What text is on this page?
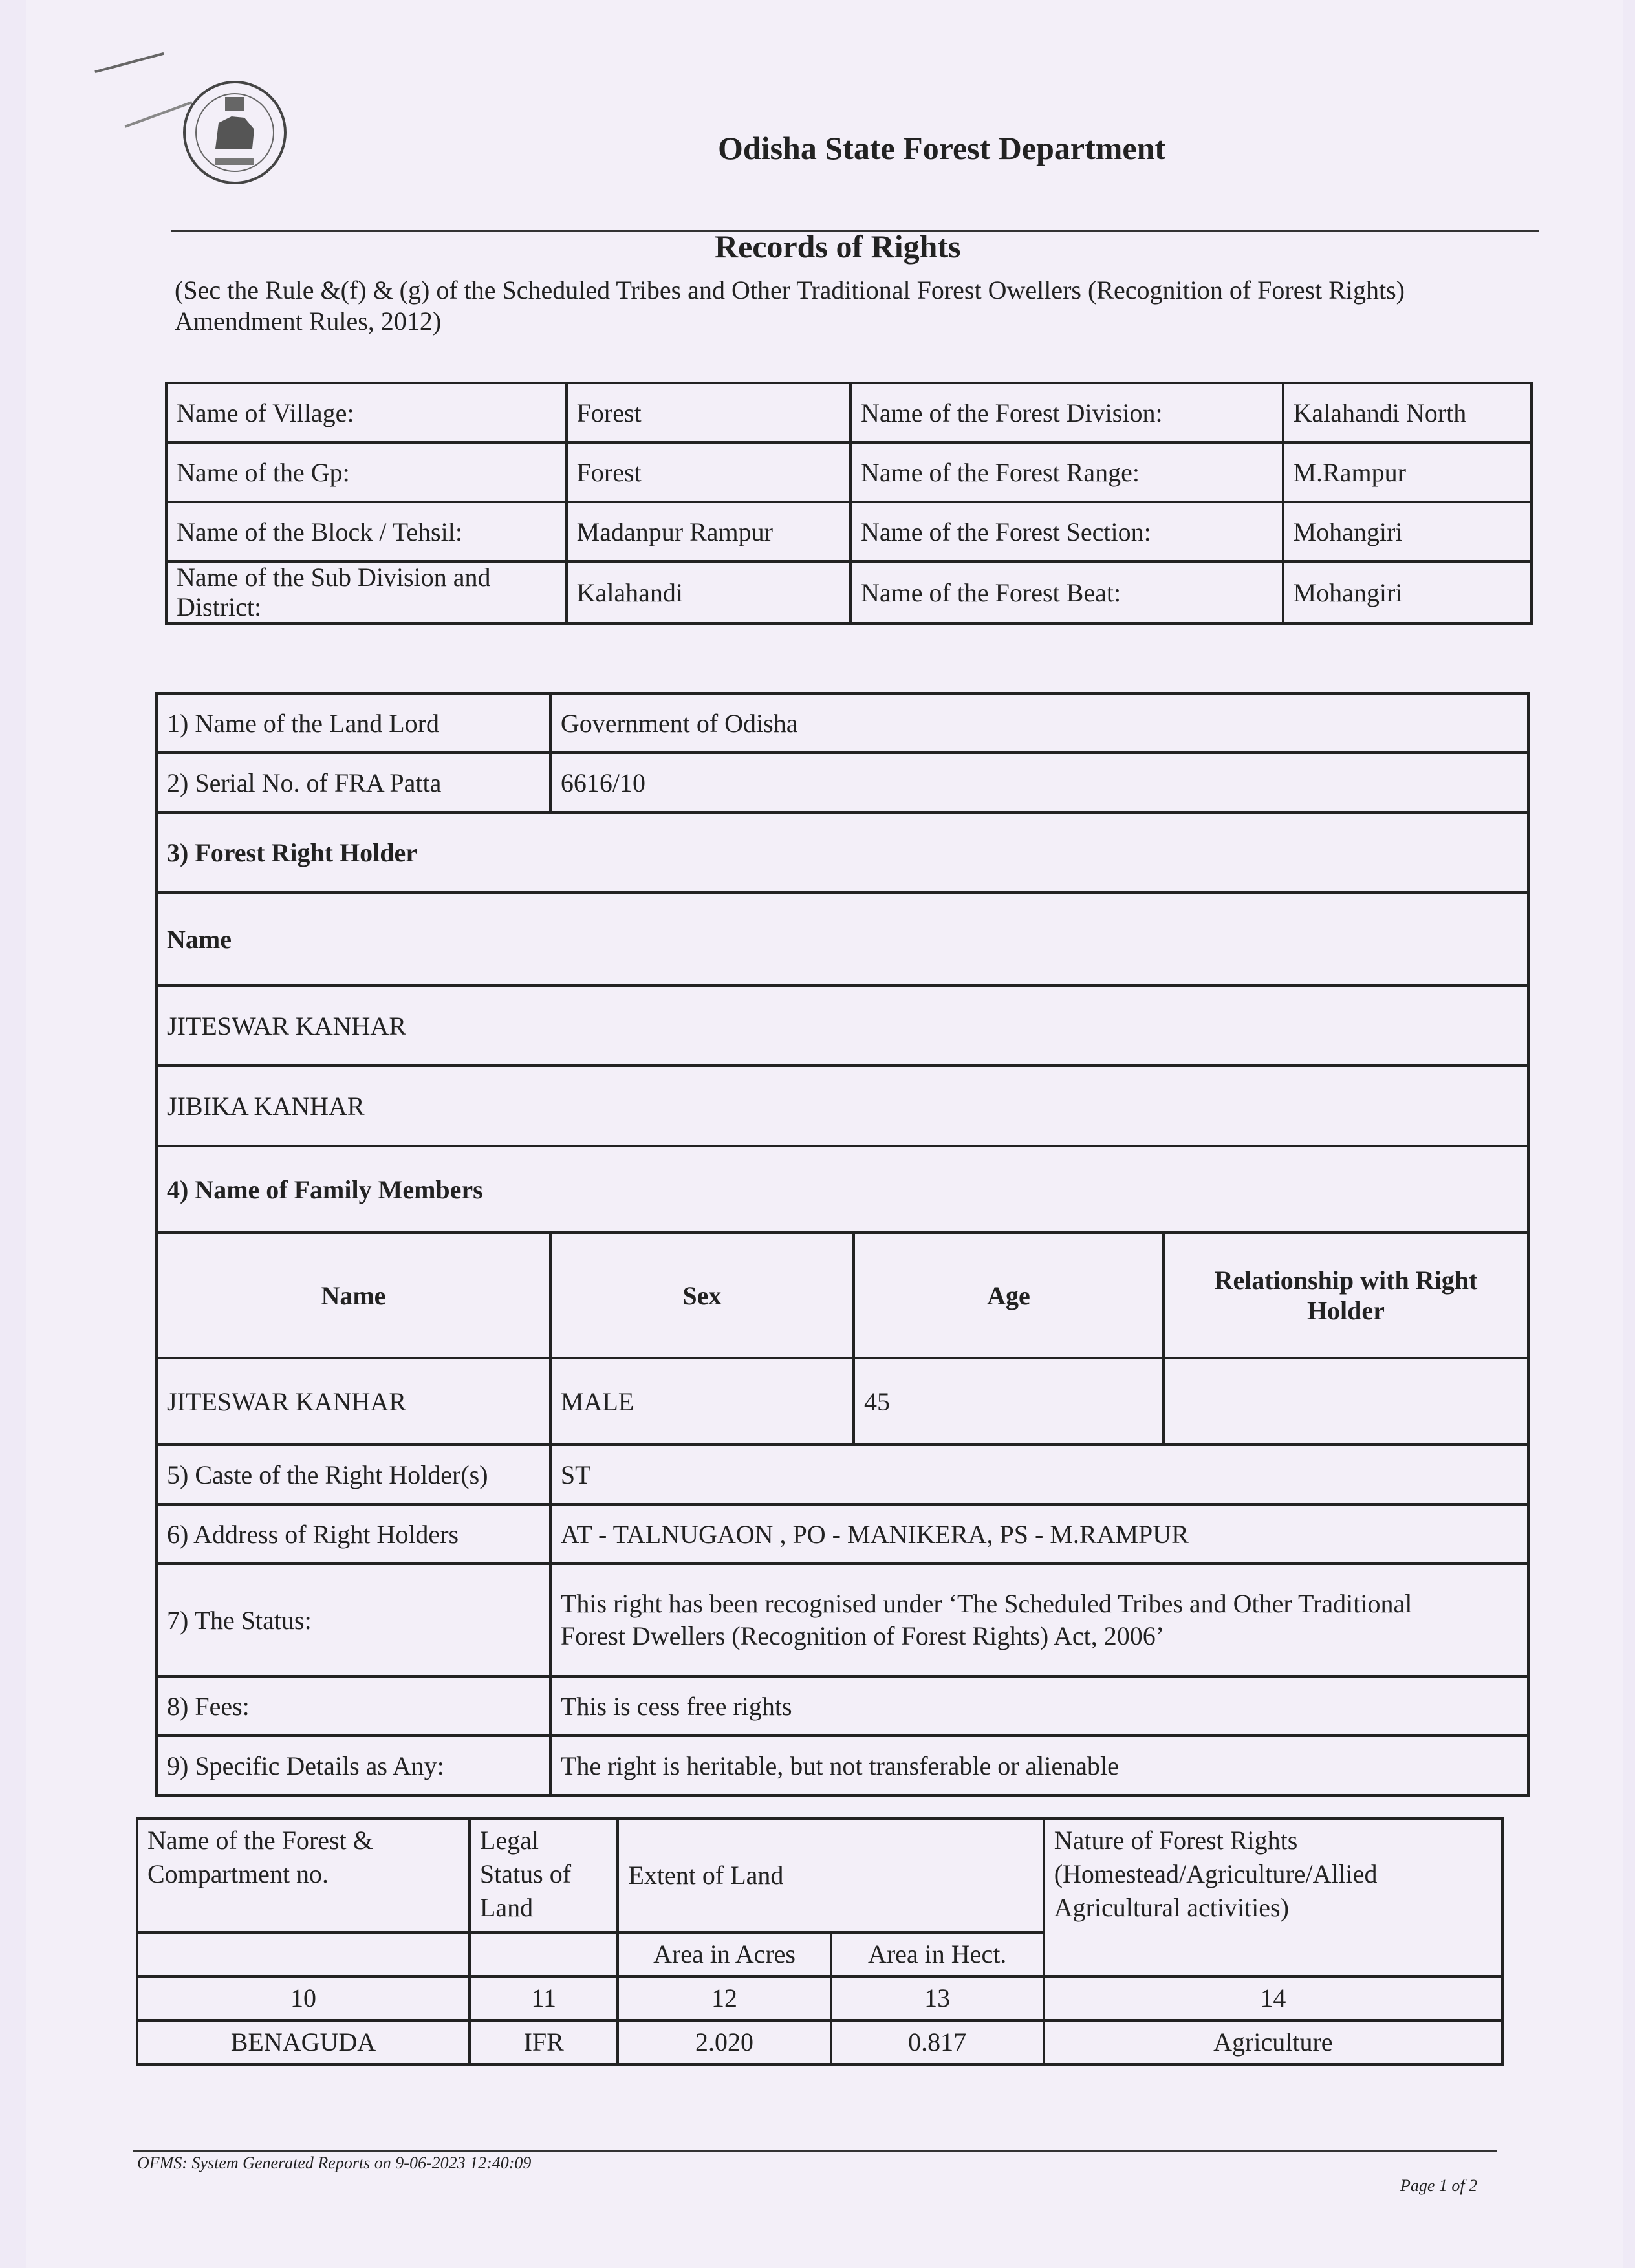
Odisha State Forest Department
Records of Rights
(Sec the Rule &(f) & (g) of the Scheduled Tribes and Other Traditional Forest Owellers (Recognition of Forest Rights) Amendment Rules, 2012)
Name of Village:	Forest	Name of the Forest Division:	Kalahandi North
Name of the Gp:	Forest	Name of the Forest Range:	M.Rampur
Name of the Block / Tehsil:	Madanpur Rampur	Name of the Forest Section:	Mohangiri
Name of the Sub Division and District:	Kalahandi	Name of the Forest Beat:	Mohangiri
1) Name of the Land Lord	Government of Odisha		
2) Serial No. of FRA Patta	6616/10		
3) Forest Right Holder			
Name			
JITESWAR KANHAR			
JIBIKA KANHAR			
4) Name of Family Members			
Name	Sex	Age	Relationship with Right Holder
JITESWAR KANHAR	MALE	45	
5) Caste of the Right Holder(s)	ST		
6) Address of Right Holders	AT - TALNUGAON , PO - MANIKERA, PS - M.RAMPUR		
7) The Status:	This right has been recognised under ‘The Scheduled Tribes and Other Traditional
Forest Dwellers (Recognition of Forest Rights) Act, 2006’		

8) Fees:	This is cess free rights		
9) Specific Details as Any:	The right is heritable, but not transferable or alienable		
Name of the Forest & Compartment no.	Legal Status of Land	Extent of Land		Nature of Forest Rights (Homestead/Agriculture/Allied Agricultural activities)
		Area in Acres	Area in Hect.	
10	11	12	13	14
BENAGUDA	IFR	2.020	0.817	Agriculture
OFMS: System Generated Reports on 9-06-2023 12:40:09
Page 1 of 2
